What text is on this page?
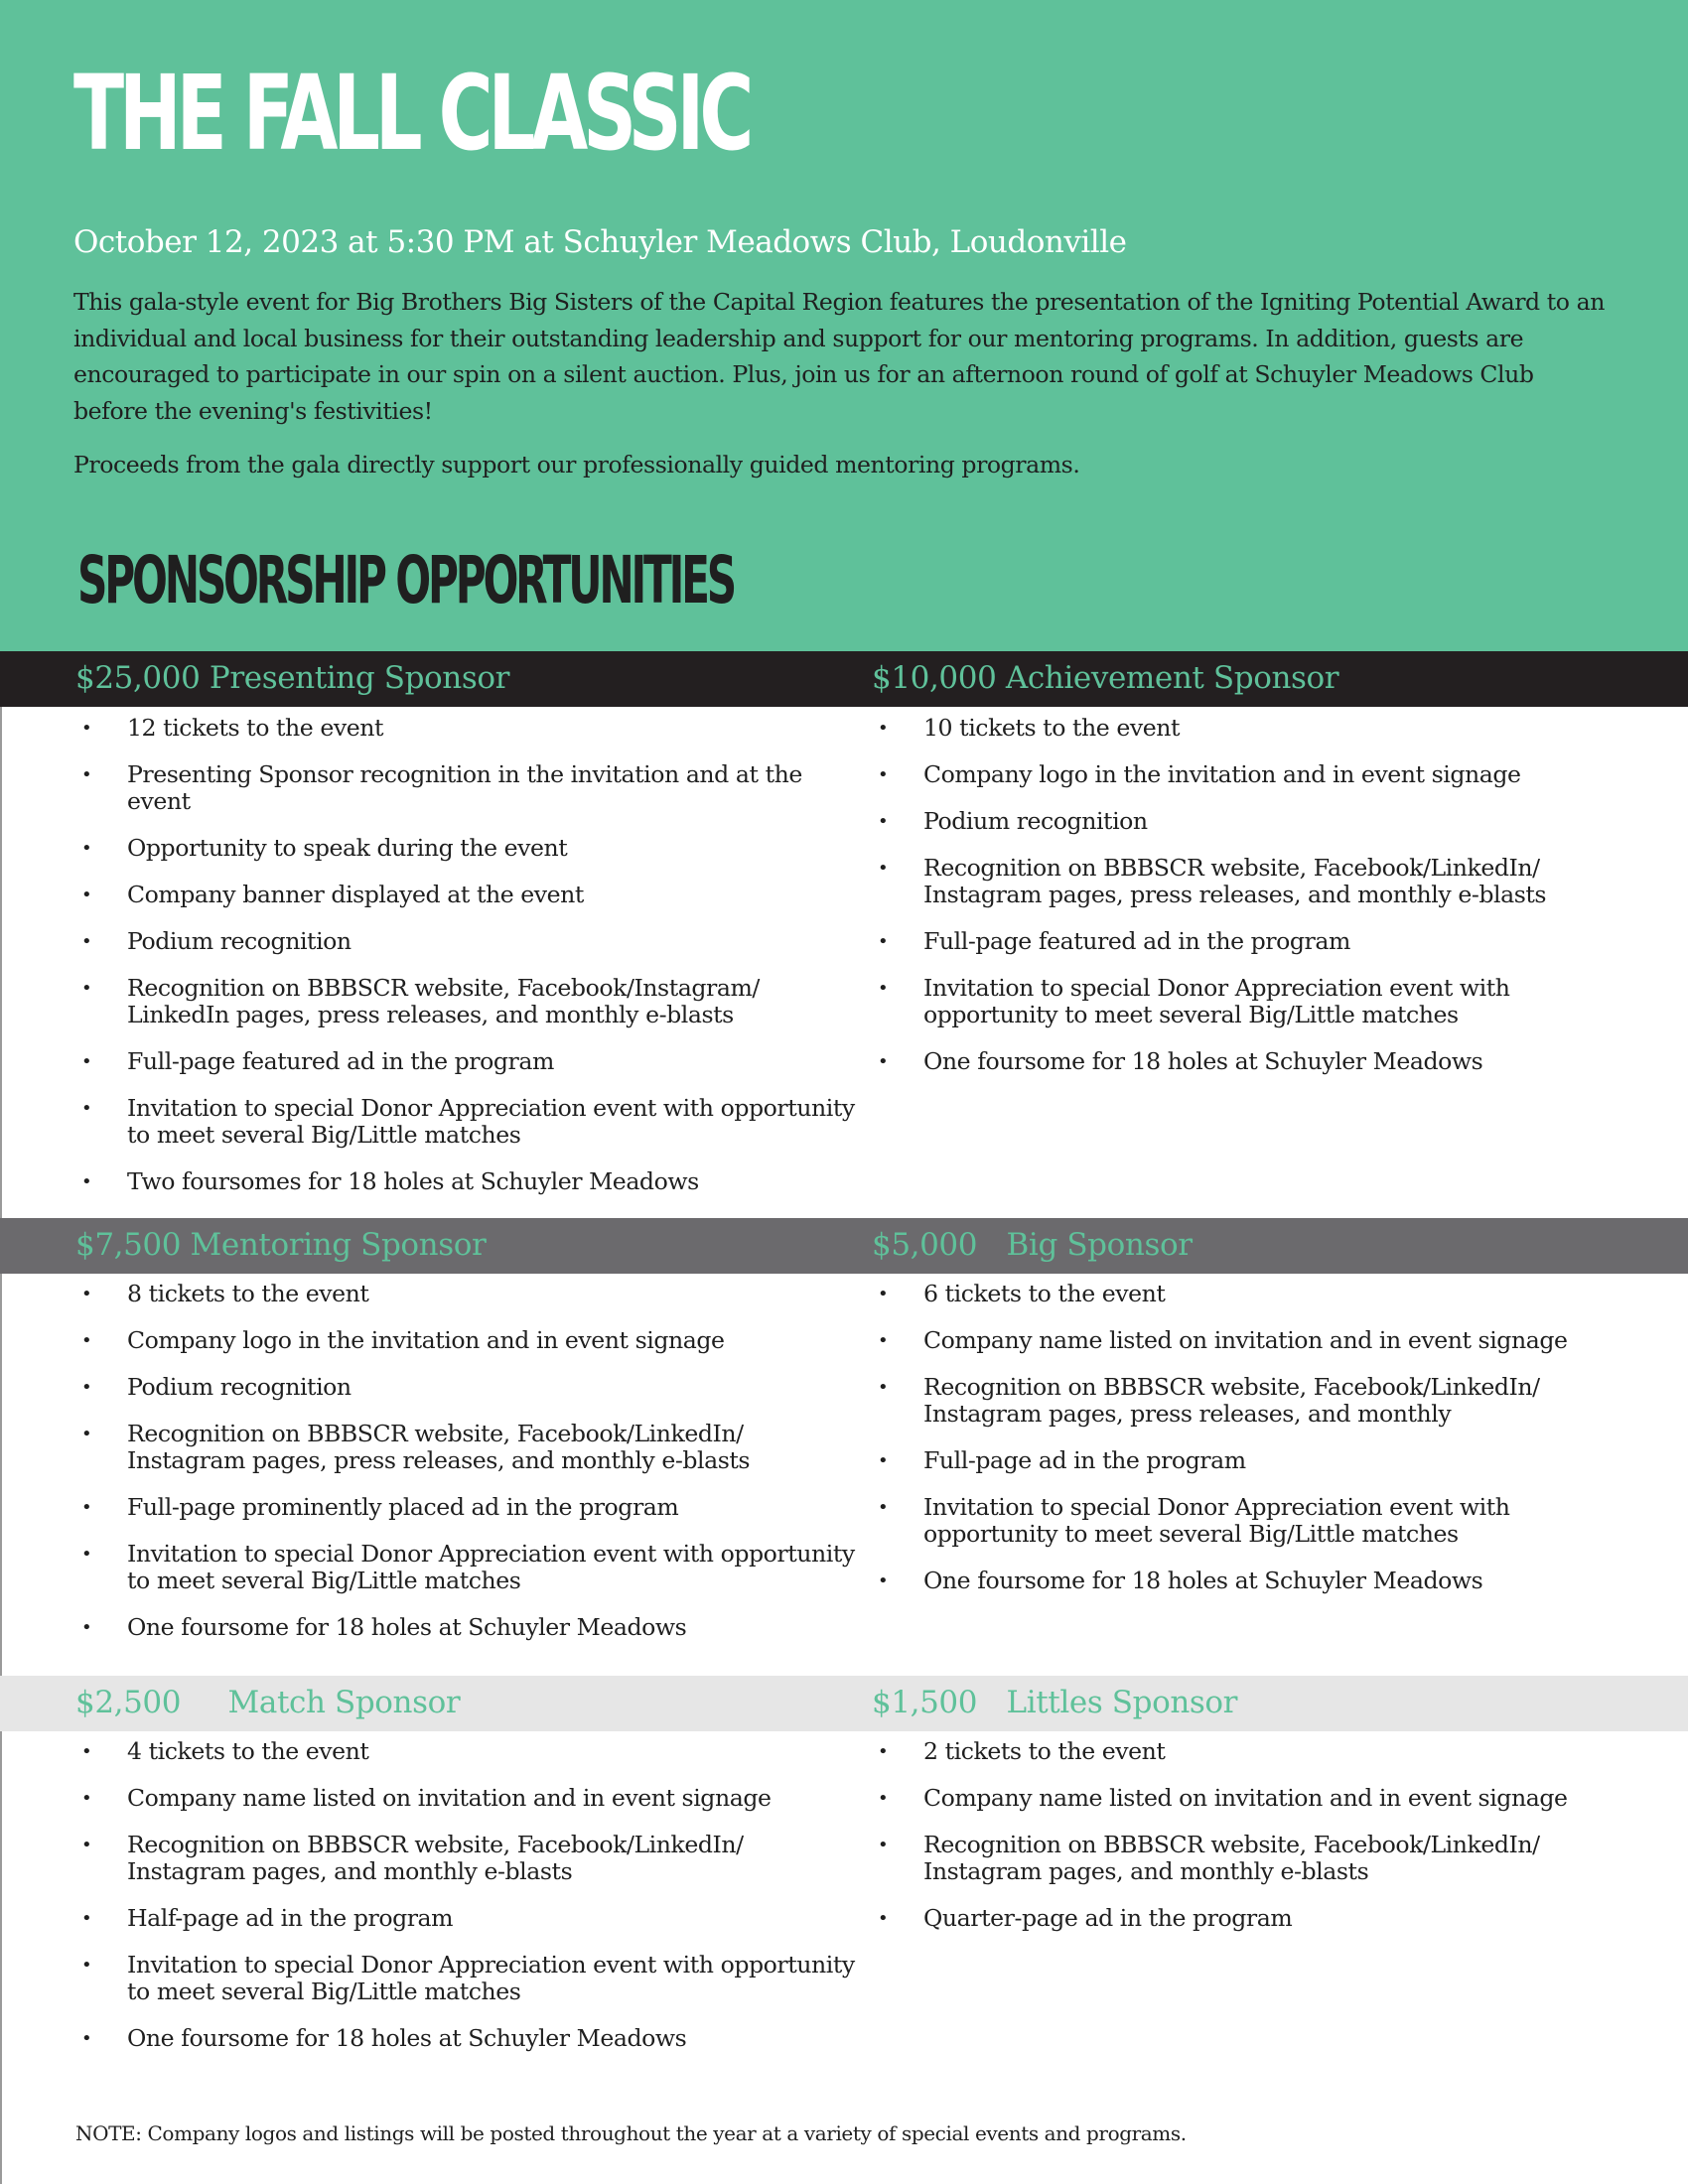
THE FALL CLASSIC

October 12, 2023 at 5:30 PM at Schuyler Meadows Club, Loudonville

This gala-style event for Big Brothers Big Sisters of the Capital Region features the presentation of the Igniting Potential Award to an individual and local business for their outstanding leadership and support for our mentoring programs. In addition, guests are encouraged to participate in our spin on a silent auction. Plus, join us for an afternoon round of golf at Schuyler Meadows Club before the evening's festivities!

Proceeds from the gala directly support our professionally guided mentoring programs.

SPONSORSHIP OPPORTUNITIES
$25,000 Presenting Sponsor	$10,000 Achievement Sponsor
• 12 tickets to the event
• Presenting Sponsor recognition in the invitation and at the event
• Opportunity to speak during the event
• Company banner displayed at the event
• Podium recognition
• Recognition on BBBSCR website, Facebook/Instagram/ LinkedIn pages, press releases, and monthly e-blasts
• Full-page featured ad in the program
• Invitation to special Donor Appreciation event with opportunity to meet several Big/Little matches
• Two foursomes for 18 holes at Schuyler Meadows
• 10 tickets to the event
• Company logo in the invitation and in event signage
• Podium recognition
• Recognition on BBBSCR website, Facebook/LinkedIn/ Instagram pages, press releases, and monthly e-blasts
• Full-page featured ad in the program
• Invitation to special Donor Appreciation event with opportunity to meet several Big/Little matches
• One foursome for 18 holes at Schuyler Meadows
$7,500 Mentoring Sponsor	$5,000 Big Sponsor
• 8 tickets to the event
• Company logo in the invitation and in event signage
• Podium recognition
• Recognition on BBBSCR website, Facebook/LinkedIn/ Instagram pages, press releases, and monthly e-blasts
• Full-page prominently placed ad in the program
• Invitation to special Donor Appreciation event with opportunity to meet several Big/Little matches
• One foursome for 18 holes at Schuyler Meadows
• 6 tickets to the event
• Company name listed on invitation and in event signage
• Recognition on BBBSCR website, Facebook/LinkedIn/ Instagram pages, press releases, and monthly
• Full-page ad in the program
• Invitation to special Donor Appreciation event with opportunity to meet several Big/Little matches
• One foursome for 18 holes at Schuyler Meadows
$2,500 Match Sponsor	$1,500 Littles Sponsor
• 4 tickets to the event
• Company name listed on invitation and in event signage
• Recognition on BBBSCR website, Facebook/LinkedIn/ Instagram pages, and monthly e-blasts
• Half-page ad in the program
• Invitation to special Donor Appreciation event with opportunity to meet several Big/Little matches
• One foursome for 18 holes at Schuyler Meadows
• 2 tickets to the event
• Company name listed on invitation and in event signage
• Recognition on BBBSCR website, Facebook/LinkedIn/ Instagram pages, and monthly e-blasts
• Quarter-page ad in the program

NOTE: Company logos and listings will be posted throughout the year at a variety of special events and programs.
